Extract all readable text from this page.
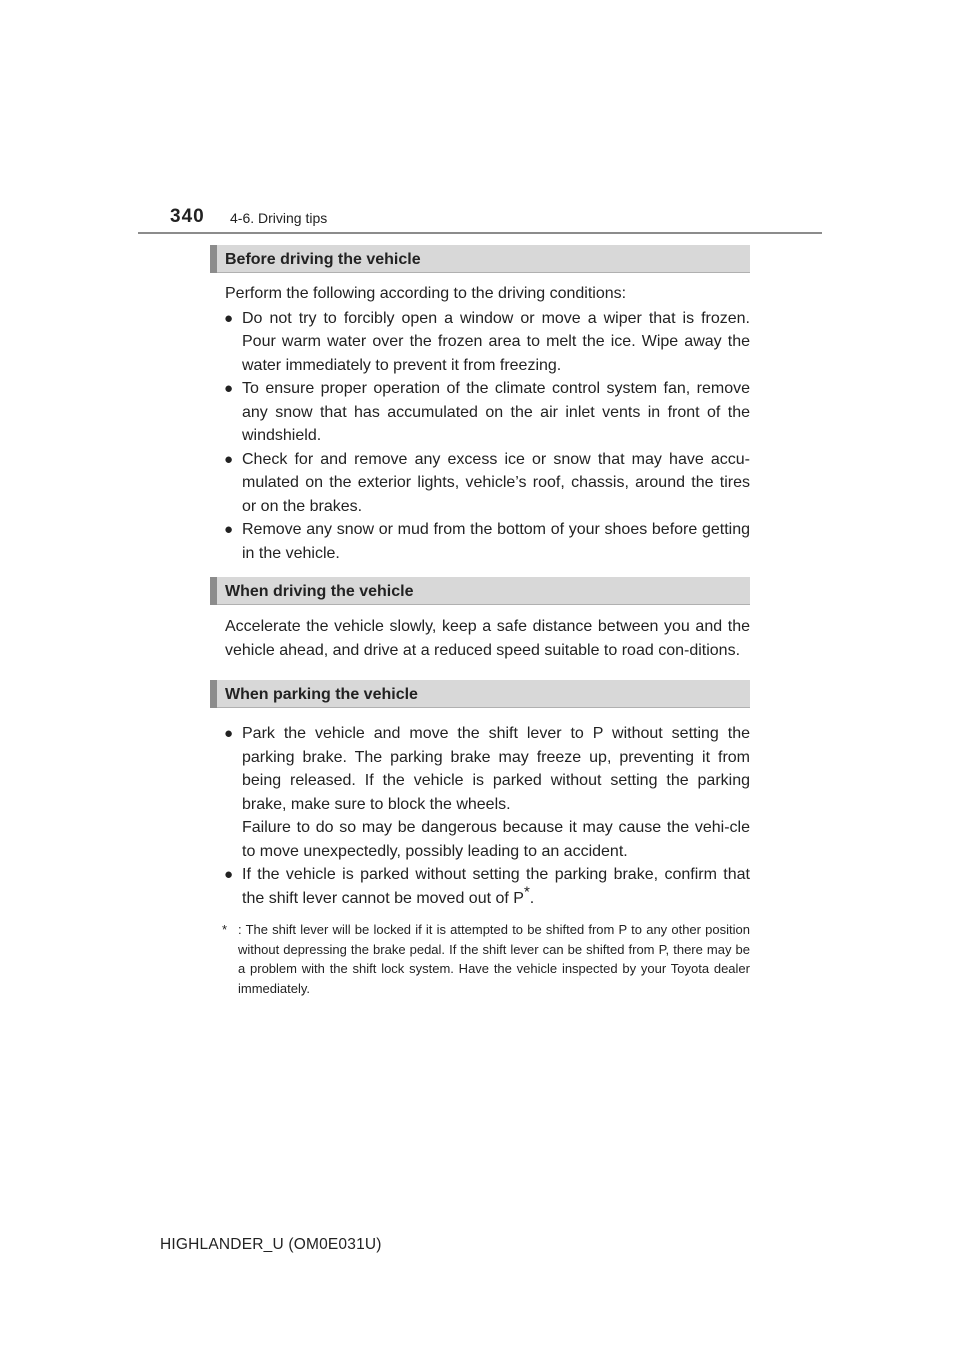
340 4-6. Driving tips
Before driving the vehicle

Perform the following according to the driving conditions:

● Do not try to forcibly open a window or move a wiper that is frozen. Pour warm water over the frozen area to melt the ice. Wipe away the water immediately to prevent it from freezing.

● To ensure proper operation of the climate control system fan, remove any snow that has accumulated on the air inlet vents in front of the windshield.

● Check for and remove any excess ice or snow that may have accu-mulated on the exterior lights, vehicle’s roof, chassis, around the tires or on the brakes.

● Remove any snow or mud from the bottom of your shoes before getting in the vehicle.

When driving the vehicle

Accelerate the vehicle slowly, keep a safe distance between you and the vehicle ahead, and drive at a reduced speed suitable to road con-ditions.

When parking the vehicle
● Park the vehicle and move the shift lever to P without setting the parking brake. The parking brake may freeze up, preventing it from being released. If the vehicle is parked without setting the parking brake, make sure to block the wheels.
Failure to do so may be dangerous because it may cause the vehi-cle to move unexpectedly, possibly leading to an accident.

● If the vehicle is parked without setting the parking brake, confirm that the shift lever cannot be moved out of P*.

* : The shift lever will be locked if it is attempted to be shifted from P to any other position without depressing the brake pedal. If the shift lever can be shifted from P, there may be a problem with the shift lock system. Have the vehicle inspected by your Toyota dealer immediately.

HIGHLANDER_U (OM0E031U)
